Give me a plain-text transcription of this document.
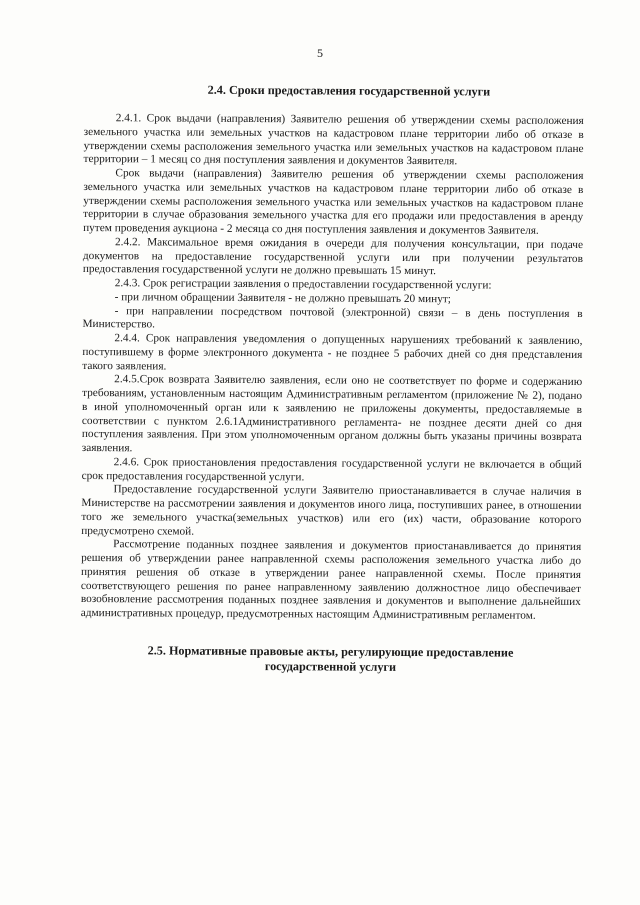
5

2.4. Сроки предоставления государственной услуги

2.4.1. Срок выдачи (направления) Заявителю решения об утверждении схемы расположения земельного участка или земельных участков на кадастровом плане территории либо об отказе в утверждении схемы расположения земельного участка или земельных участков на кадастровом плане территории – 1 месяц со дня поступления заявления и документов Заявителя.

Срок выдачи (направления) Заявителю решения об утверждении схемы расположения земельного участка или земельных участков на кадастровом плане территории либо об отказе в утверждении схемы расположения земельного участка или земельных участков на кадастровом плане территории в случае образования земельного участка для его продажи или предоставления в аренду путем проведения аукциона - 2 месяца со дня поступления заявления и документов Заявителя.

2.4.2. Максимальное время ожидания в очереди для получения консультации, при подаче документов на предоставление государственной услуги или при получении результатов предоставления государственной услуги не должно превышать 15 минут.

2.4.3. Срок регистрации заявления о предоставлении государственной услуги:

- при личном обращении Заявителя - не должно превышать 20 минут;

- при направлении посредством почтовой (электронной) связи – в день поступления в Министерство.

2.4.4. Срок направления уведомления о допущенных нарушениях требований к заявлению, поступившему в форме электронного документа - не позднее 5 рабочих дней со дня представления такого заявления.

2.4.5.Срок возврата Заявителю заявления, если оно не соответствует по форме и содержанию требованиям, установленным настоящим Административным регламентом (приложение № 2), подано в иной уполномоченный орган или к заявлению не приложены документы, предоставляемые в соответствии с пунктом 2.6.1Административного регламента- не позднее десяти дней со дня поступления заявления. При этом уполномоченным органом должны быть указаны причины возврата заявления.

2.4.6. Срок приостановления предоставления государственной услуги не включается в общий срок предоставления государственной услуги.

Предоставление государственной услуги Заявителю приостанавливается в случае наличия в Министерстве на рассмотрении заявления и документов иного лица, поступивших ранее, в отношении того же земельного участка(земельных участков) или его (их) части, образование которого предусмотрено схемой.

Рассмотрение поданных позднее заявления и документов приостанавливается до принятия решения об утверждении ранее направленной схемы расположения земельного участка либо до принятия решения об отказе в утверждении ранее направленной схемы. После принятия соответствующего решения по ранее направленному заявлению должностное лицо обеспечивает возобновление рассмотрения поданных позднее заявления и документов и выполнение дальнейших административных процедур, предусмотренных настоящим Административным регламентом.

2.5. Нормативные правовые акты, регулирующие предоставление
государственной услуги
